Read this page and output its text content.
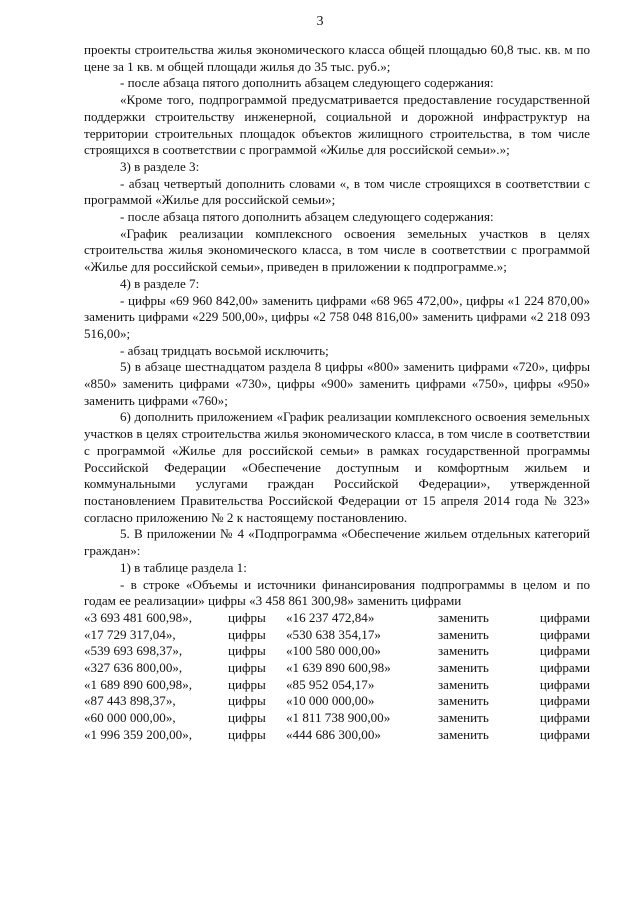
3

проекты строительства жилья экономического класса общей площадью 60,8 тыс. кв. м по цене за 1 кв. м общей площади жилья до 35 тыс. руб.»;

- после абзаца пятого дополнить абзацем следующего содержания:

«Кроме того, подпрограммой предусматривается предоставление государственной поддержки строительству инженерной, социальной и дорожной инфраструктур на территории строительных площадок объектов жилищного строительства, в том числе строящихся в соответствии с программой «Жилье для российской семьи».»;

3) в разделе 3:

- абзац четвертый дополнить словами «, в том числе строящихся в соответствии с программой «Жилье для российской семьи»;

- после абзаца пятого дополнить абзацем следующего содержания:

«График реализации комплексного освоения земельных участков в целях строительства жилья экономического класса, в том числе в соответствии с программой «Жилье для российской семьи», приведен в приложении к подпрограмме.»;

4) в разделе 7:

- цифры «69 960 842,00» заменить цифрами «68 965 472,00», цифры «1 224 870,00» заменить цифрами «229 500,00», цифры «2 758 048 816,00» заменить цифрами «2 218 093 516,00»;

- абзац тридцать восьмой исключить;

5) в абзаце шестнадцатом раздела 8 цифры «800» заменить цифрами «720», цифры «850» заменить цифрами «730», цифры «900» заменить цифрами «750», цифры «950» заменить цифрами «760»;

6) дополнить приложением «График реализации комплексного освоения земельных участков в целях строительства жилья экономического класса, в том числе в соответствии с программой «Жилье для российской семьи» в рамках государственной программы Российской Федерации «Обеспечение доступным и комфортным жильем и коммунальными услугами граждан Российской Федерации», утвержденной постановлением Правительства Российской Федерации от 15 апреля 2014 года № 323» согласно приложению № 2 к настоящему постановлению.

5. В приложении № 4 «Подпрограмма «Обеспечение жильем отдельных категорий граждан»:

1) в таблице раздела 1:

- в строке «Объемы и источники финансирования подпрограммы в целом и по годам ее реализации» цифры «3 458 861 300,98» заменить цифрами

«3 693 481 600,98»,	цифры	«16 237 472,84»	заменить	цифрами
«17 729 317,04»,	цифры	«530 638 354,17»	заменить	цифрами
«539 693 698,37»,	цифры	«100 580 000,00»	заменить	цифрами
«327 636 800,00»,	цифры	«1 639 890 600,98»	заменить	цифрами
«1 689 890 600,98»,	цифры	«85 952 054,17»	заменить	цифрами
«87 443 898,37»,	цифры	«10 000 000,00»	заменить	цифрами
«60 000 000,00»,	цифры	«1 811 738 900,00»	заменить	цифрами
«1 996 359 200,00»,	цифры	«444 686 300,00»	заменить	цифрами
